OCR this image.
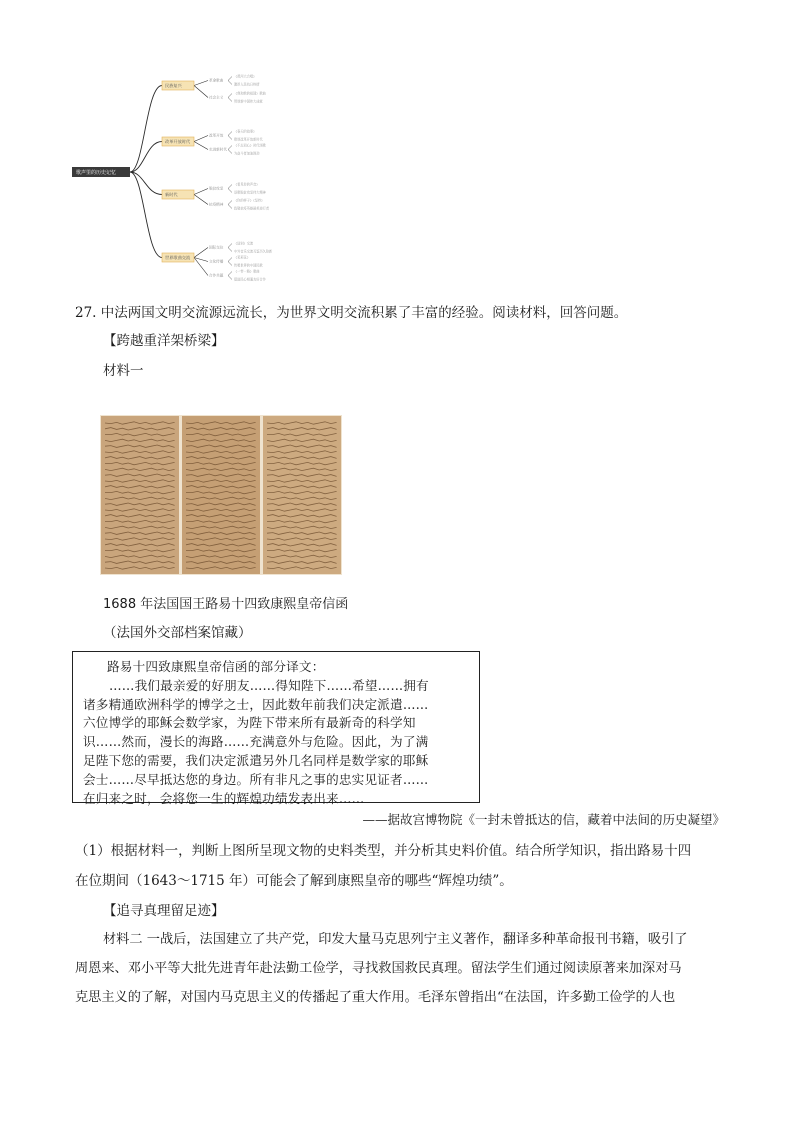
歌声里的历史记忆
民族复兴
革命歌曲
《黄河大合唱》
激昂人民抗日热情
社会主义
《我和我的祖国》歌曲
赞颂新中国伟大成就
改革开放时代
改革开放
《春天的故事》
歌颂改革开放新时代
走进新时代
《不忘初心》时代颂歌
为奋斗者加油鼓劲
新时代
脱贫攻坚
《看见你的声音》
讴歌脱贫攻坚伟大精神
抗疫精神
《你的样子》《坚持》
致敬抗疫英雄最美逆行者
世界歌曲交流
国际交往
《送别》交流
中外音乐交流互鉴历久弥新
文化传播
《茉莉花》
传唱世界的中国民歌
合作共赢
《一带一路》歌曲
促进民心相通友好合作
27. 中法两国文明交流源远流长，为世界文明交流积累了丰富的经验。阅读材料，回答问题。
【跨越重洋架桥梁】
材料一
1688 年法国国王路易十四致康熙皇帝信函
（法国外交部档案馆藏）
路易十四致康熙皇帝信函的部分译文：
……我们最亲爱的好朋友……得知陛下……希望……拥有
诸多精通欧洲科学的博学之士，因此数年前我们决定派遣……
六位博学的耶稣会数学家，为陛下带来所有最新奇的科学知
识……然而，漫长的海路……充满意外与危险。因此，为了满
足陛下您的需要，我们决定派遣另外几名同样是数学家的耶稣
会士……尽早抵达您的身边。所有非凡之事的忠实见证者……
在归来之时，会将您一生的辉煌功绩发表出来……
——据故宫博物院《一封未曾抵达的信，藏着中法间的历史凝望》
（1）根据材料一，判断上图所呈现文物的史料类型，并分析其史料价值。结合所学知识，指出路易十四
在位期间（1643～1715 年）可能会了解到康熙皇帝的哪些“辉煌功绩”。
【追寻真理留足迹】
材料二 一战后，法国建立了共产党，印发大量马克思列宁主义著作，翻译多种革命报刊书籍，吸引了
周恩来、邓小平等大批先进青年赴法勤工俭学，寻找救国救民真理。留法学生们通过阅读原著来加深对马
克思主义的了解，对国内马克思主义的传播起了重大作用。毛泽东曾指出“在法国，许多勤工俭学的人也
